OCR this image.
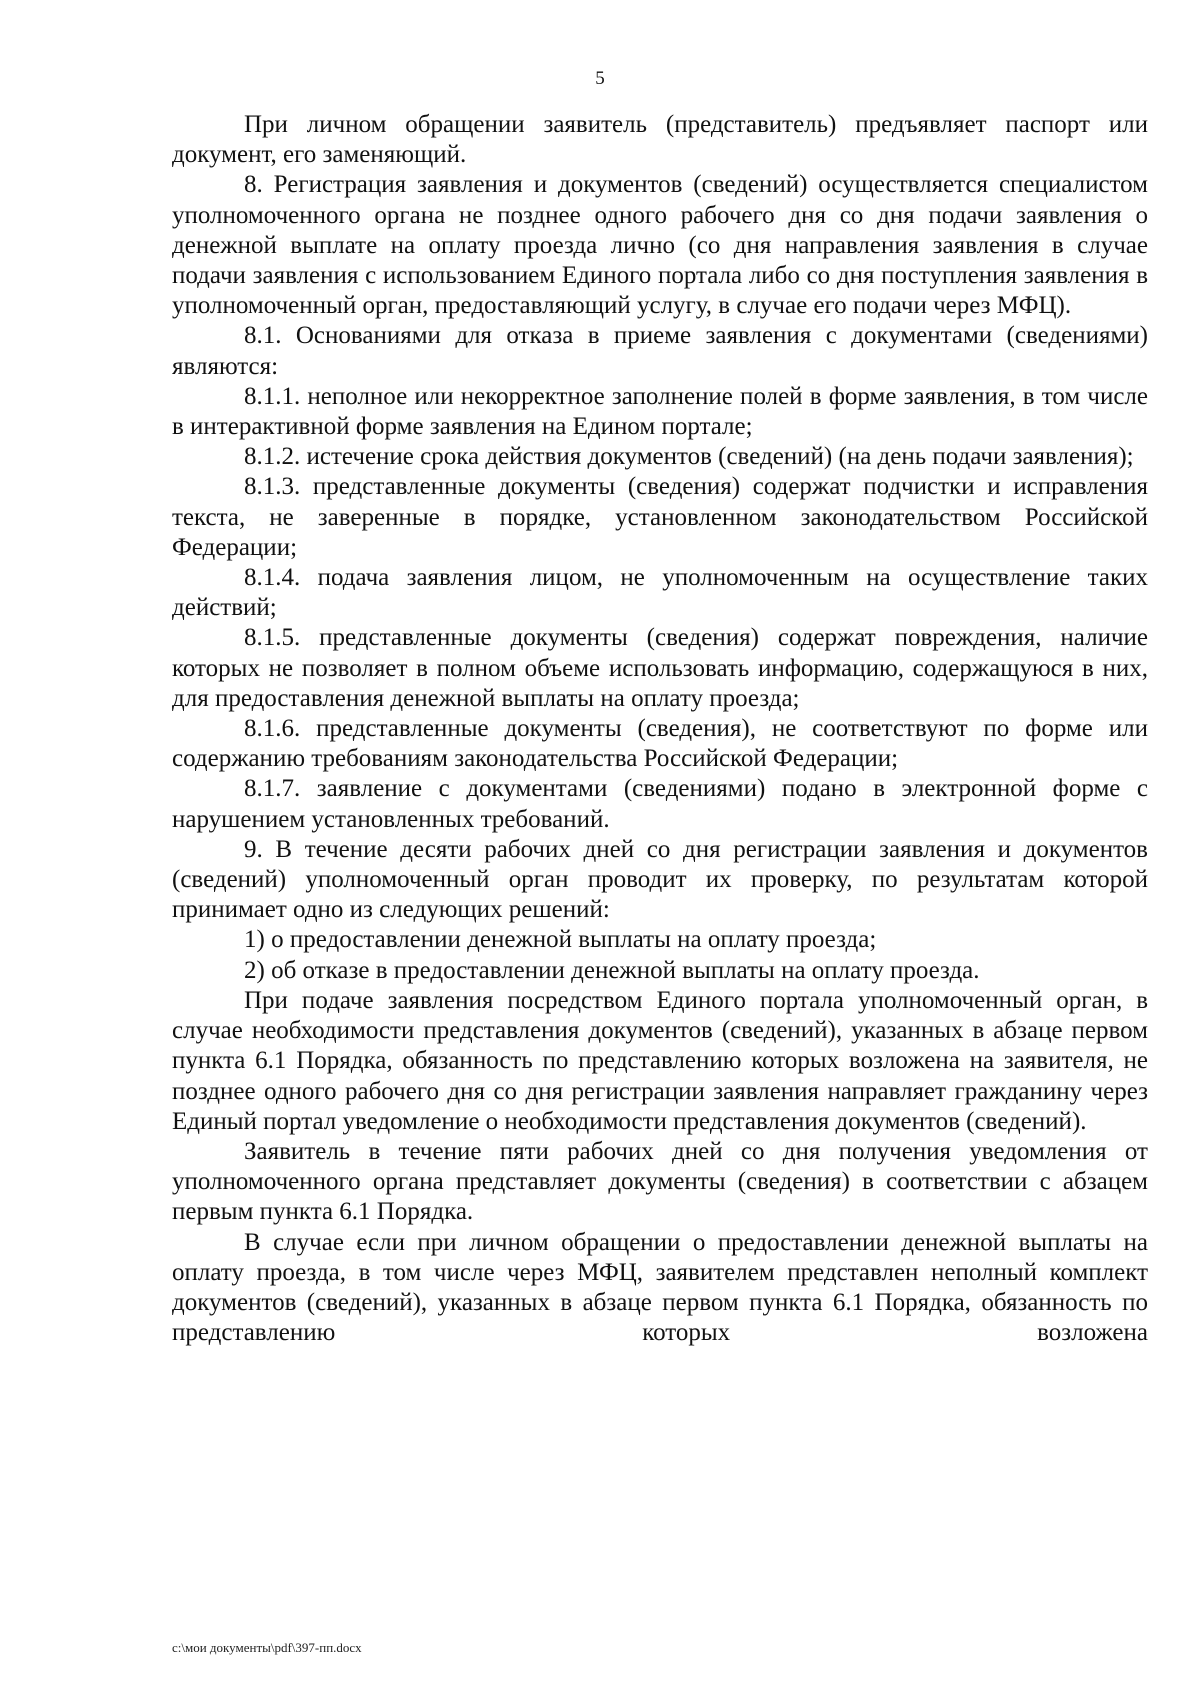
5

При личном обращении заявитель (представитель) предъявляет паспорт или документ, его заменяющий.

8. Регистрация заявления и документов (сведений) осуществляется специалистом уполномоченного органа не позднее одного рабочего дня со дня подачи заявления о денежной выплате на оплату проезда лично (со дня направления заявления в случае подачи заявления с использованием Единого портала либо со дня поступления заявления в уполномоченный орган, предоставляющий услугу, в случае его подачи через МФЦ).

8.1. Основаниями для отказа в приеме заявления с документами (сведениями) являются:

8.1.1. неполное или некорректное заполнение полей в форме заявления, в том числе в интерактивной форме заявления на Едином портале;

8.1.2. истечение срока действия документов (сведений) (на день подачи заявления);

8.1.3. представленные документы (сведения) содержат подчистки и исправления текста, не заверенные в порядке, установленном законодательством Российской Федерации;

8.1.4. подача заявления лицом, не уполномоченным на осуществление таких действий;

8.1.5. представленные документы (сведения) содержат повреждения, наличие которых не позволяет в полном объеме использовать информацию, содержащуюся в них, для предоставления денежной выплаты на оплату проезда;

8.1.6. представленные документы (сведения), не соответствуют по форме или содержанию требованиям законодательства Российской Федерации;

8.1.7. заявление с документами (сведениями) подано в электронной форме с нарушением установленных требований.

9. В течение десяти рабочих дней со дня регистрации заявления и документов (сведений) уполномоченный орган проводит их проверку, по результатам которой принимает одно из следующих решений:

1) о предоставлении денежной выплаты на оплату проезда;

2) об отказе в предоставлении денежной выплаты на оплату проезда.

При подаче заявления посредством Единого портала уполномоченный орган, в случае необходимости представления документов (сведений), указанных в абзаце первом пункта 6.1 Порядка, обязанность по представлению которых возложена на заявителя, не позднее одного рабочего дня со дня регистрации заявления направляет гражданину через Единый портал уведомление о необходимости представления документов (сведений).

Заявитель в течение пяти рабочих дней со дня получения уведомления от уполномоченного органа представляет документы (сведения) в соответствии с абзацем первым пункта 6.1 Порядка.

В случае если при личном обращении о предоставлении денежной выплаты на оплату проезда, в том числе через МФЦ, заявителем представлен неполный комплект документов (сведений), указанных в абзаце первом пункта 6.1 Порядка, обязанность по представлению которых возложена

c:\мои документы\pdf\397-пп.docx
